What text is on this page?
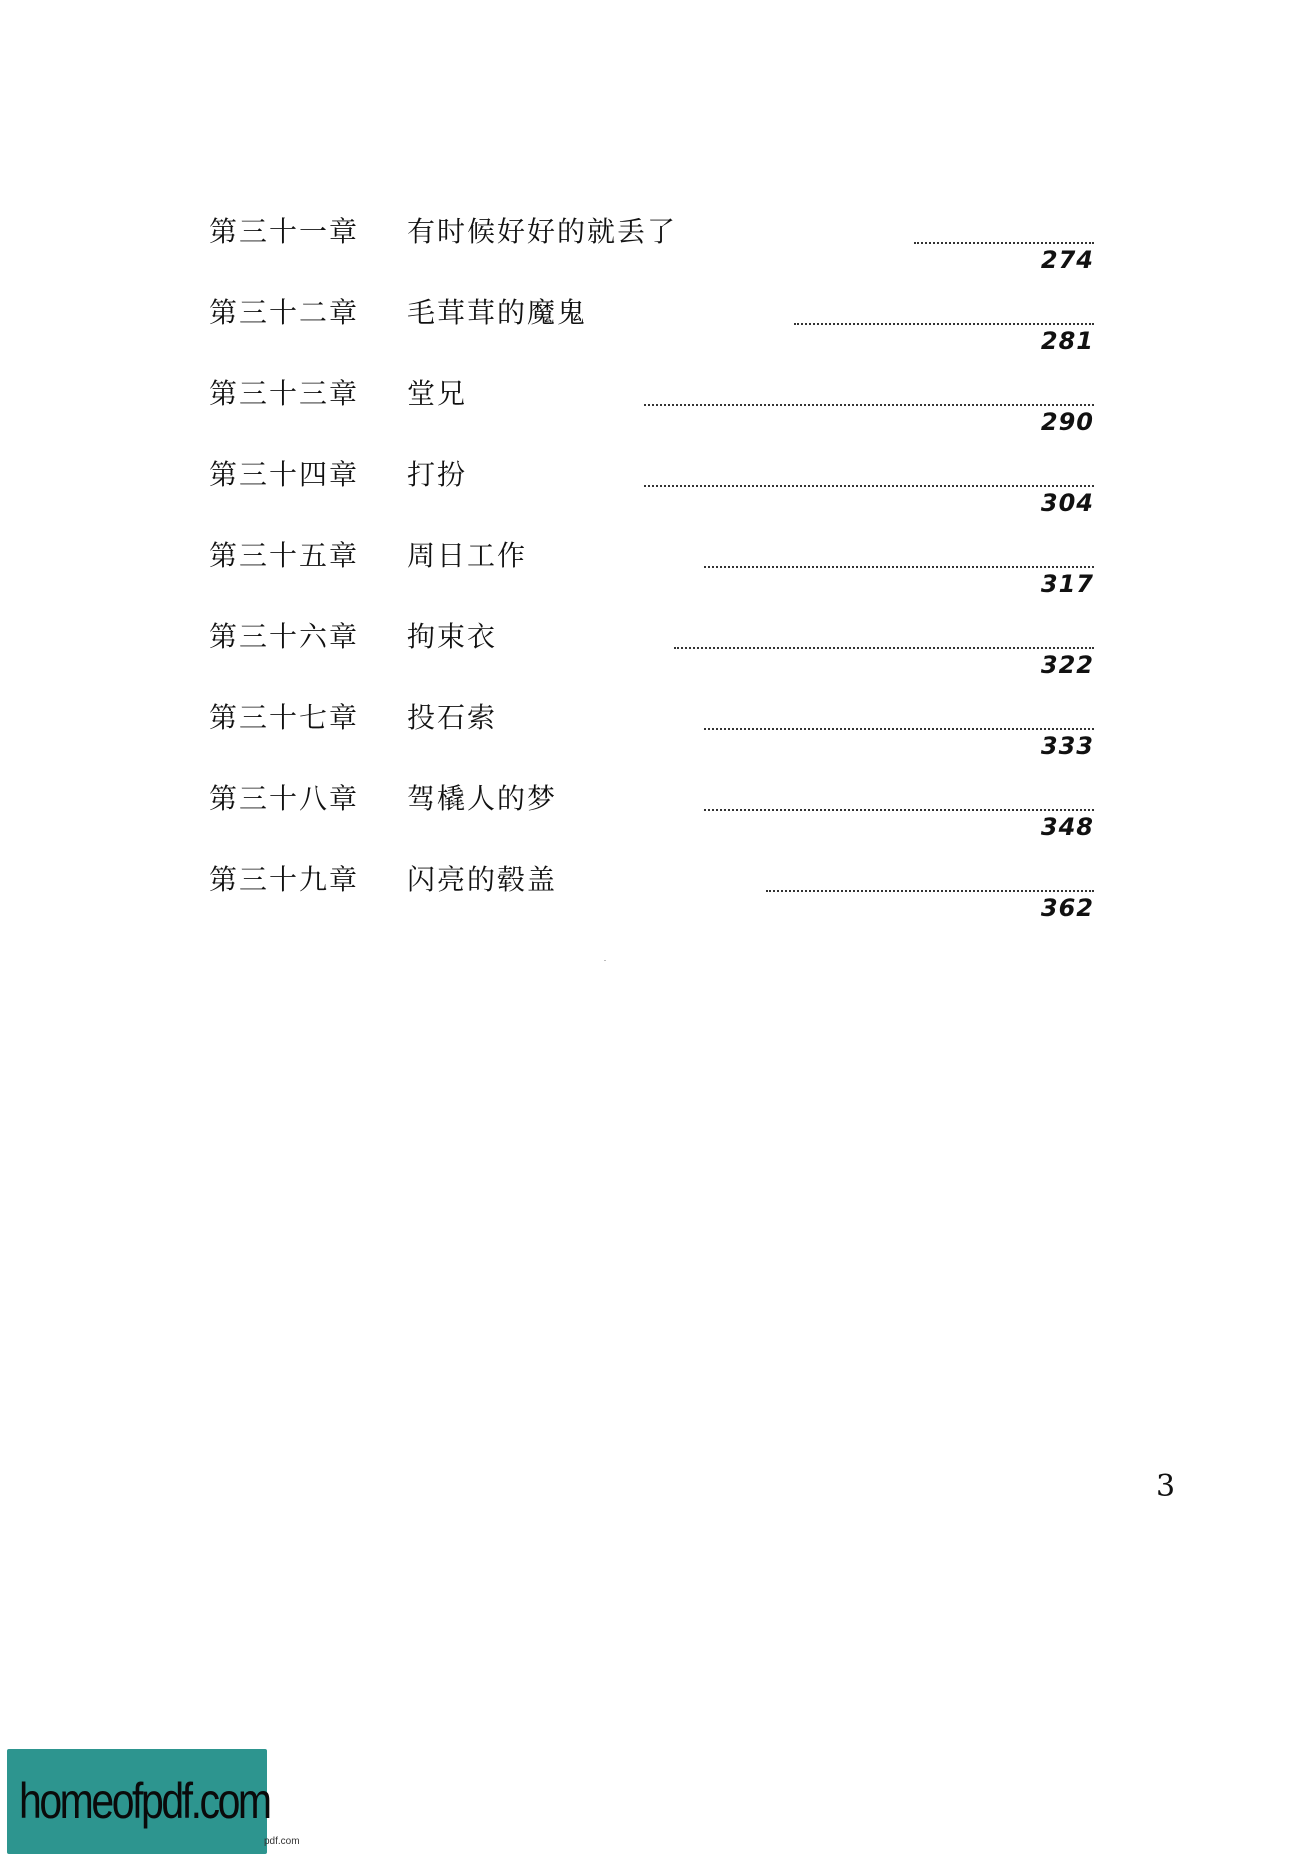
第三十一章 有时候好好的就丢了
274
第三十二章 毛茸茸的魔鬼
281
第三十三章 堂兄
290
第三十四章 打扮
304
第三十五章 周日工作
317
第三十六章 拘束衣
322
第三十七章 投石索
333
第三十八章 驾橇人的梦
348
第三十九章 闪亮的毂盖
362
3
homeofpdf.com
pdf.com
